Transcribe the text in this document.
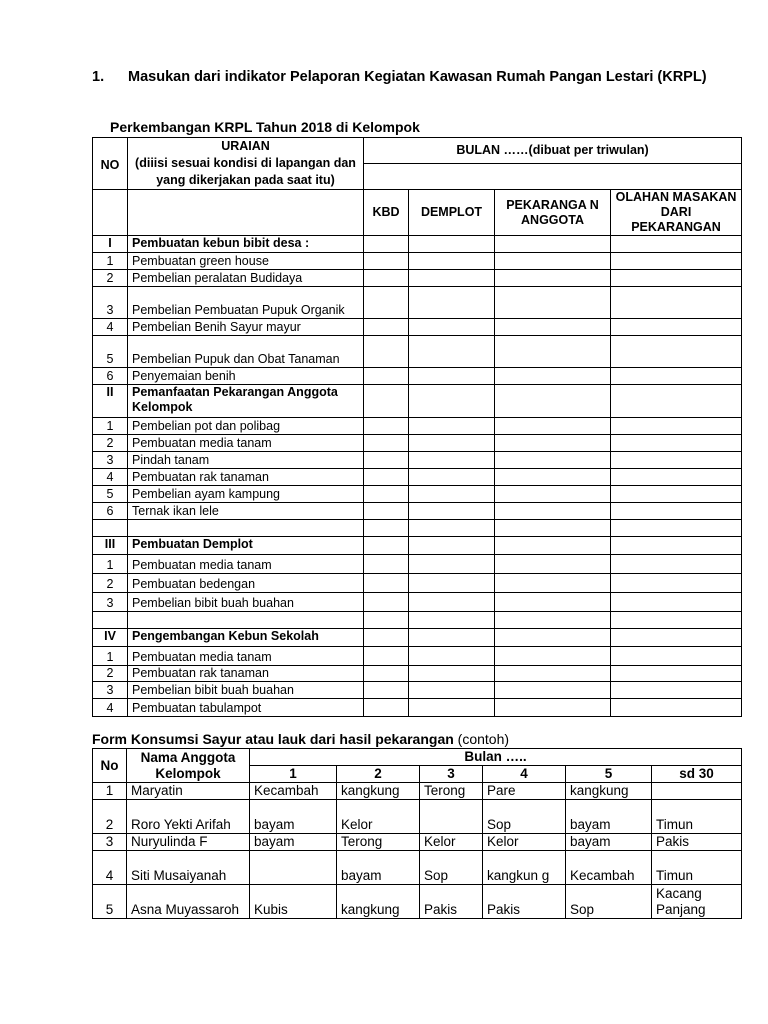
1. Masukan dari indikator Pelaporan Kegiatan Kawasan Rumah Pangan Lestari (KRPL)
Perkembangan KRPL Tahun 2018 di Kelompok
NO	URAIAN
(diiisi sesuai kondisi di lapangan dan yang dikerjakan pada saat itu)	BULAN ……(dibuat per triwulan)			

		KBD	DEMPLOT	PEKARANGA N ANGGOTA	OLAHAN MASAKAN DARI PEKARANGAN
I	Pembuatan kebun bibit desa :				
1	Pembuatan green house				
2	Pembelian peralatan Budidaya				
3	Pembelian Pembuatan Pupuk Organik				
4	Pembelian Benih Sayur mayur				
5	Pembelian Pupuk dan Obat Tanaman				
6	Penyemaian benih				
II	Pemanfaatan Pekarangan Anggota Kelompok				
1	Pembelian pot dan polibag				
2	Pembuatan media tanam				
3	Pindah tanam				
4	Pembuatan rak tanaman				
5	Pembelian ayam kampung				
6	Ternak ikan lele				

III	Pembuatan Demplot				
1	Pembuatan media tanam				
2	Pembuatan bedengan				
3	Pembelian bibit buah buahan				

IV	Pengembangan Kebun Sekolah				
1	Pembuatan media tanam				
2	Pembuatan rak tanaman				
3	Pembelian bibit buah buahan				
4	Pembuatan tabulampot				
Form Konsumsi Sayur atau lauk dari hasil pekarangan (contoh)
No	Nama Anggota Kelompok	Bulan …..					
		1	2	3	4	5	sd 30
1	Maryatin	Kecambah	kangkung	Terong	Pare	kangkung	
2	Roro Yekti Arifah	bayam	Kelor		Sop	bayam	Timun
3	Nuryulinda F	bayam	Terong	Kelor	Kelor	bayam	Pakis
4	Siti Musaiyanah		bayam	Sop	kangkun g	Kecambah	Timun
5	Asna Muyassaroh	Kubis	kangkung	Pakis	Pakis	Sop	Kacang Panjang
